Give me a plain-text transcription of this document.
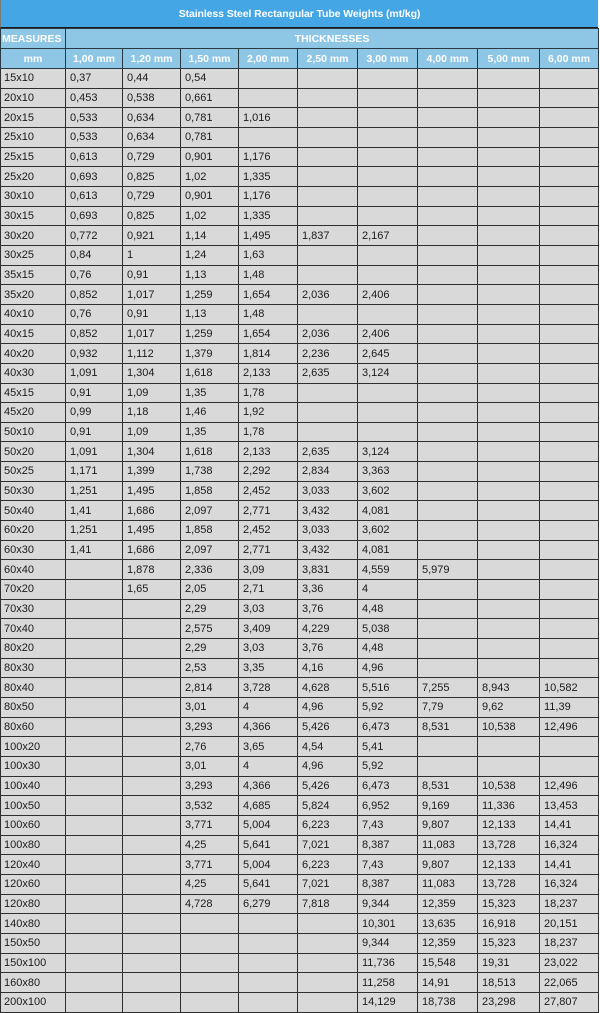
Stainless Steel Rectangular Tube Weights (mt/kg)
MEASURES	THICKNESSES								
mm	1,00 mm	1,20 mm	1,50 mm	2,00 mm	2,50 mm	3,00 mm	4,00 mm	5,00 mm	6,00 mm
15x10	0,37	0,44	0,54						
20x10	0,453	0,538	0,661						
20x15	0,533	0,634	0,781	1,016					
25x10	0,533	0,634	0,781						
25x15	0,613	0,729	0,901	1,176					
25x20	0,693	0,825	1,02	1,335					
30x10	0,613	0,729	0,901	1,176					
30x15	0,693	0,825	1,02	1,335					
30x20	0,772	0,921	1,14	1,495	1,837	2,167			
30x25	0,84	1	1,24	1,63					
35x15	0,76	0,91	1,13	1,48					
35x20	0,852	1,017	1,259	1,654	2,036	2,406			
40x10	0,76	0,91	1,13	1,48					
40x15	0,852	1,017	1,259	1,654	2,036	2,406			
40x20	0,932	1,112	1,379	1,814	2,236	2,645			
40x30	1,091	1,304	1,618	2,133	2,635	3,124			
45x15	0,91	1,09	1,35	1,78					
45x20	0,99	1,18	1,46	1,92					
50x10	0,91	1,09	1,35	1,78					
50x20	1,091	1,304	1,618	2,133	2,635	3,124			
50x25	1,171	1,399	1,738	2,292	2,834	3,363			
50x30	1,251	1,495	1,858	2,452	3,033	3,602			
50x40	1,41	1,686	2,097	2,771	3,432	4,081			
60x20	1,251	1,495	1,858	2,452	3,033	3,602			
60x30	1,41	1,686	2,097	2,771	3,432	4,081			
60x40		1,878	2,336	3,09	3,831	4,559	5,979		
70x20		1,65	2,05	2,71	3,36	4			
70x30			2,29	3,03	3,76	4,48			
70x40			2,575	3,409	4,229	5,038			
80x20			2,29	3,03	3,76	4,48			
80x30			2,53	3,35	4,16	4,96			
80x40			2,814	3,728	4,628	5,516	7,255	8,943	10,582
80x50			3,01	4	4,96	5,92	7,79	9,62	11,39
80x60			3,293	4,366	5,426	6,473	8,531	10,538	12,496
100x20			2,76	3,65	4,54	5,41			
100x30			3,01	4	4,96	5,92			
100x40			3,293	4,366	5,426	6,473	8,531	10,538	12,496
100x50			3,532	4,685	5,824	6,952	9,169	11,336	13,453
100x60			3,771	5,004	6,223	7,43	9,807	12,133	14,41
100x80			4,25	5,641	7,021	8,387	11,083	13,728	16,324
120x40			3,771	5,004	6,223	7,43	9,807	12,133	14,41
120x60			4,25	5,641	7,021	8,387	11,083	13,728	16,324
120x80			4,728	6,279	7,818	9,344	12,359	15,323	18,237
140x80						10,301	13,635	16,918	20,151
150x50						9,344	12,359	15,323	18,237
150x100						11,736	15,548	19,31	23,022
160x80						11,258	14,91	18,513	22,065
200x100						14,129	18,738	23,298	27,807
